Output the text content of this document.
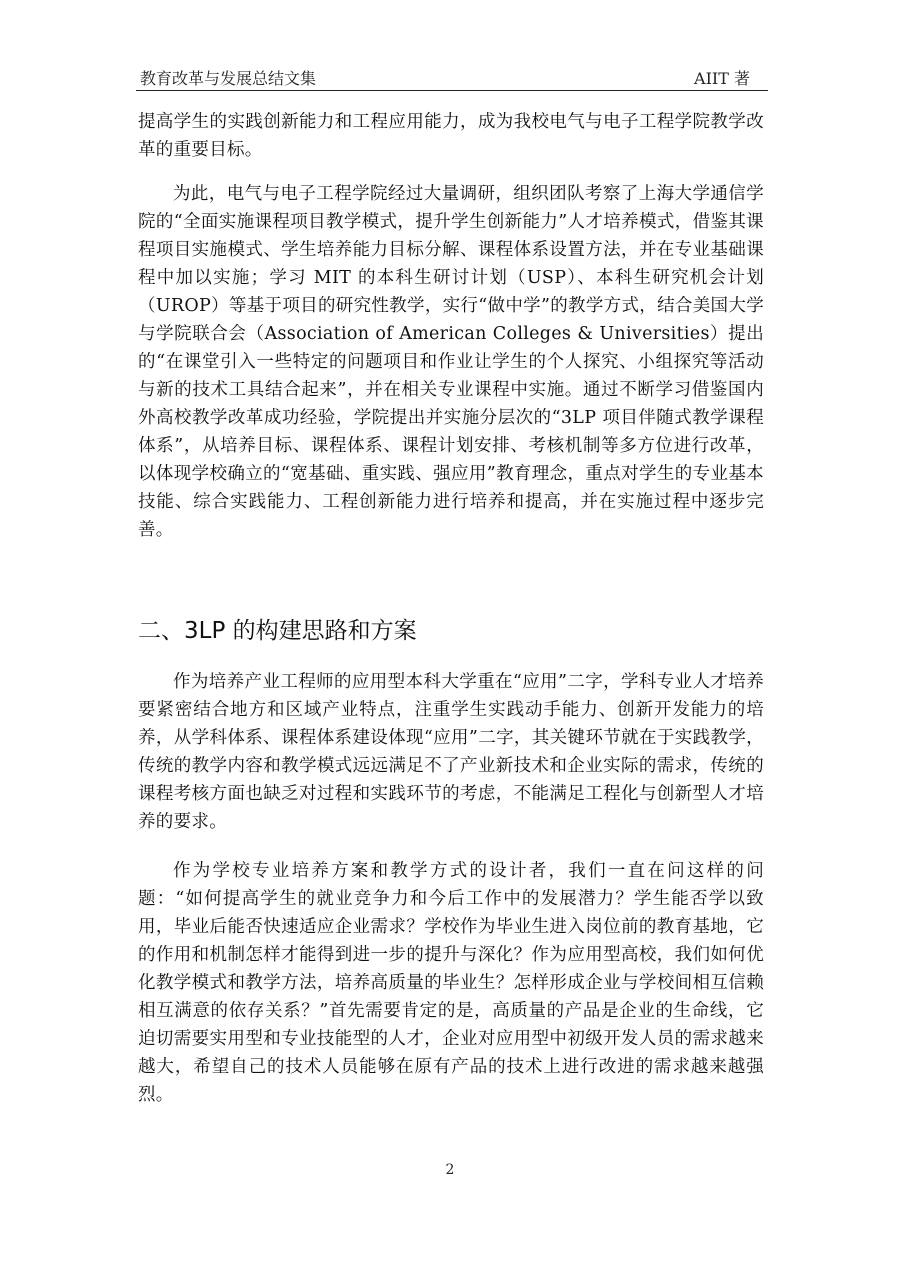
教育改革与发展总结文集	AIIT 著

提高学生的实践创新能力和工程应用能力，成为我校电气与电子工程学院教学改革的重要目标。

为此，电气与电子工程学院经过大量调研，组织团队考察了上海大学通信学院的“全面实施课程项目教学模式，提升学生创新能力”人才培养模式，借鉴其课程项目实施模式、学生培养能力目标分解、课程体系设置方法，并在专业基础课程中加以实施；学习 MIT 的本科生研讨计划（USP）、本科生研究机会计划（UROP）等基于项目的研究性教学，实行“做中学”的教学方式，结合美国大学与学院联合会（Association of American Colleges & Universities）提出的“在课堂引入一些特定的问题项目和作业让学生的个人探究、小组探究等活动与新的技术工具结合起来”，并在相关专业课程中实施。通过不断学习借鉴国内外高校教学改革成功经验，学院提出并实施分层次的“3LP 项目伴随式教学课程体系”，从培养目标、课程体系、课程计划安排、考核机制等多方位进行改革，以体现学校确立的“宽基础、重实践、强应用”教育理念，重点对学生的专业基本技能、综合实践能力、工程创新能力进行培养和提高，并在实施过程中逐步完善。

二、3LP 的构建思路和方案

作为培养产业工程师的应用型本科大学重在“应用”二字，学科专业人才培养要紧密结合地方和区域产业特点，注重学生实践动手能力、创新开发能力的培养，从学科体系、课程体系建设体现“应用”二字，其关键环节就在于实践教学，传统的教学内容和教学模式远远满足不了产业新技术和企业实际的需求，传统的课程考核方面也缺乏对过程和实践环节的考虑，不能满足工程化与创新型人才培养的要求。

作为学校专业培养方案和教学方式的设计者，我们一直在问这样的问题：“如何提高学生的就业竞争力和今后工作中的发展潜力？学生能否学以致用，毕业后能否快速适应企业需求？学校作为毕业生进入岗位前的教育基地，它的作用和机制怎样才能得到进一步的提升与深化？作为应用型高校，我们如何优化教学模式和教学方法，培养高质量的毕业生？怎样形成企业与学校间相互信赖相互满意的依存关系？”首先需要肯定的是，高质量的产品是企业的生命线，它迫切需要实用型和专业技能型的人才，企业对应用型中初级开发人员的需求越来越大，希望自己的技术人员能够在原有产品的技术上进行改进的需求越来越强烈。

2
